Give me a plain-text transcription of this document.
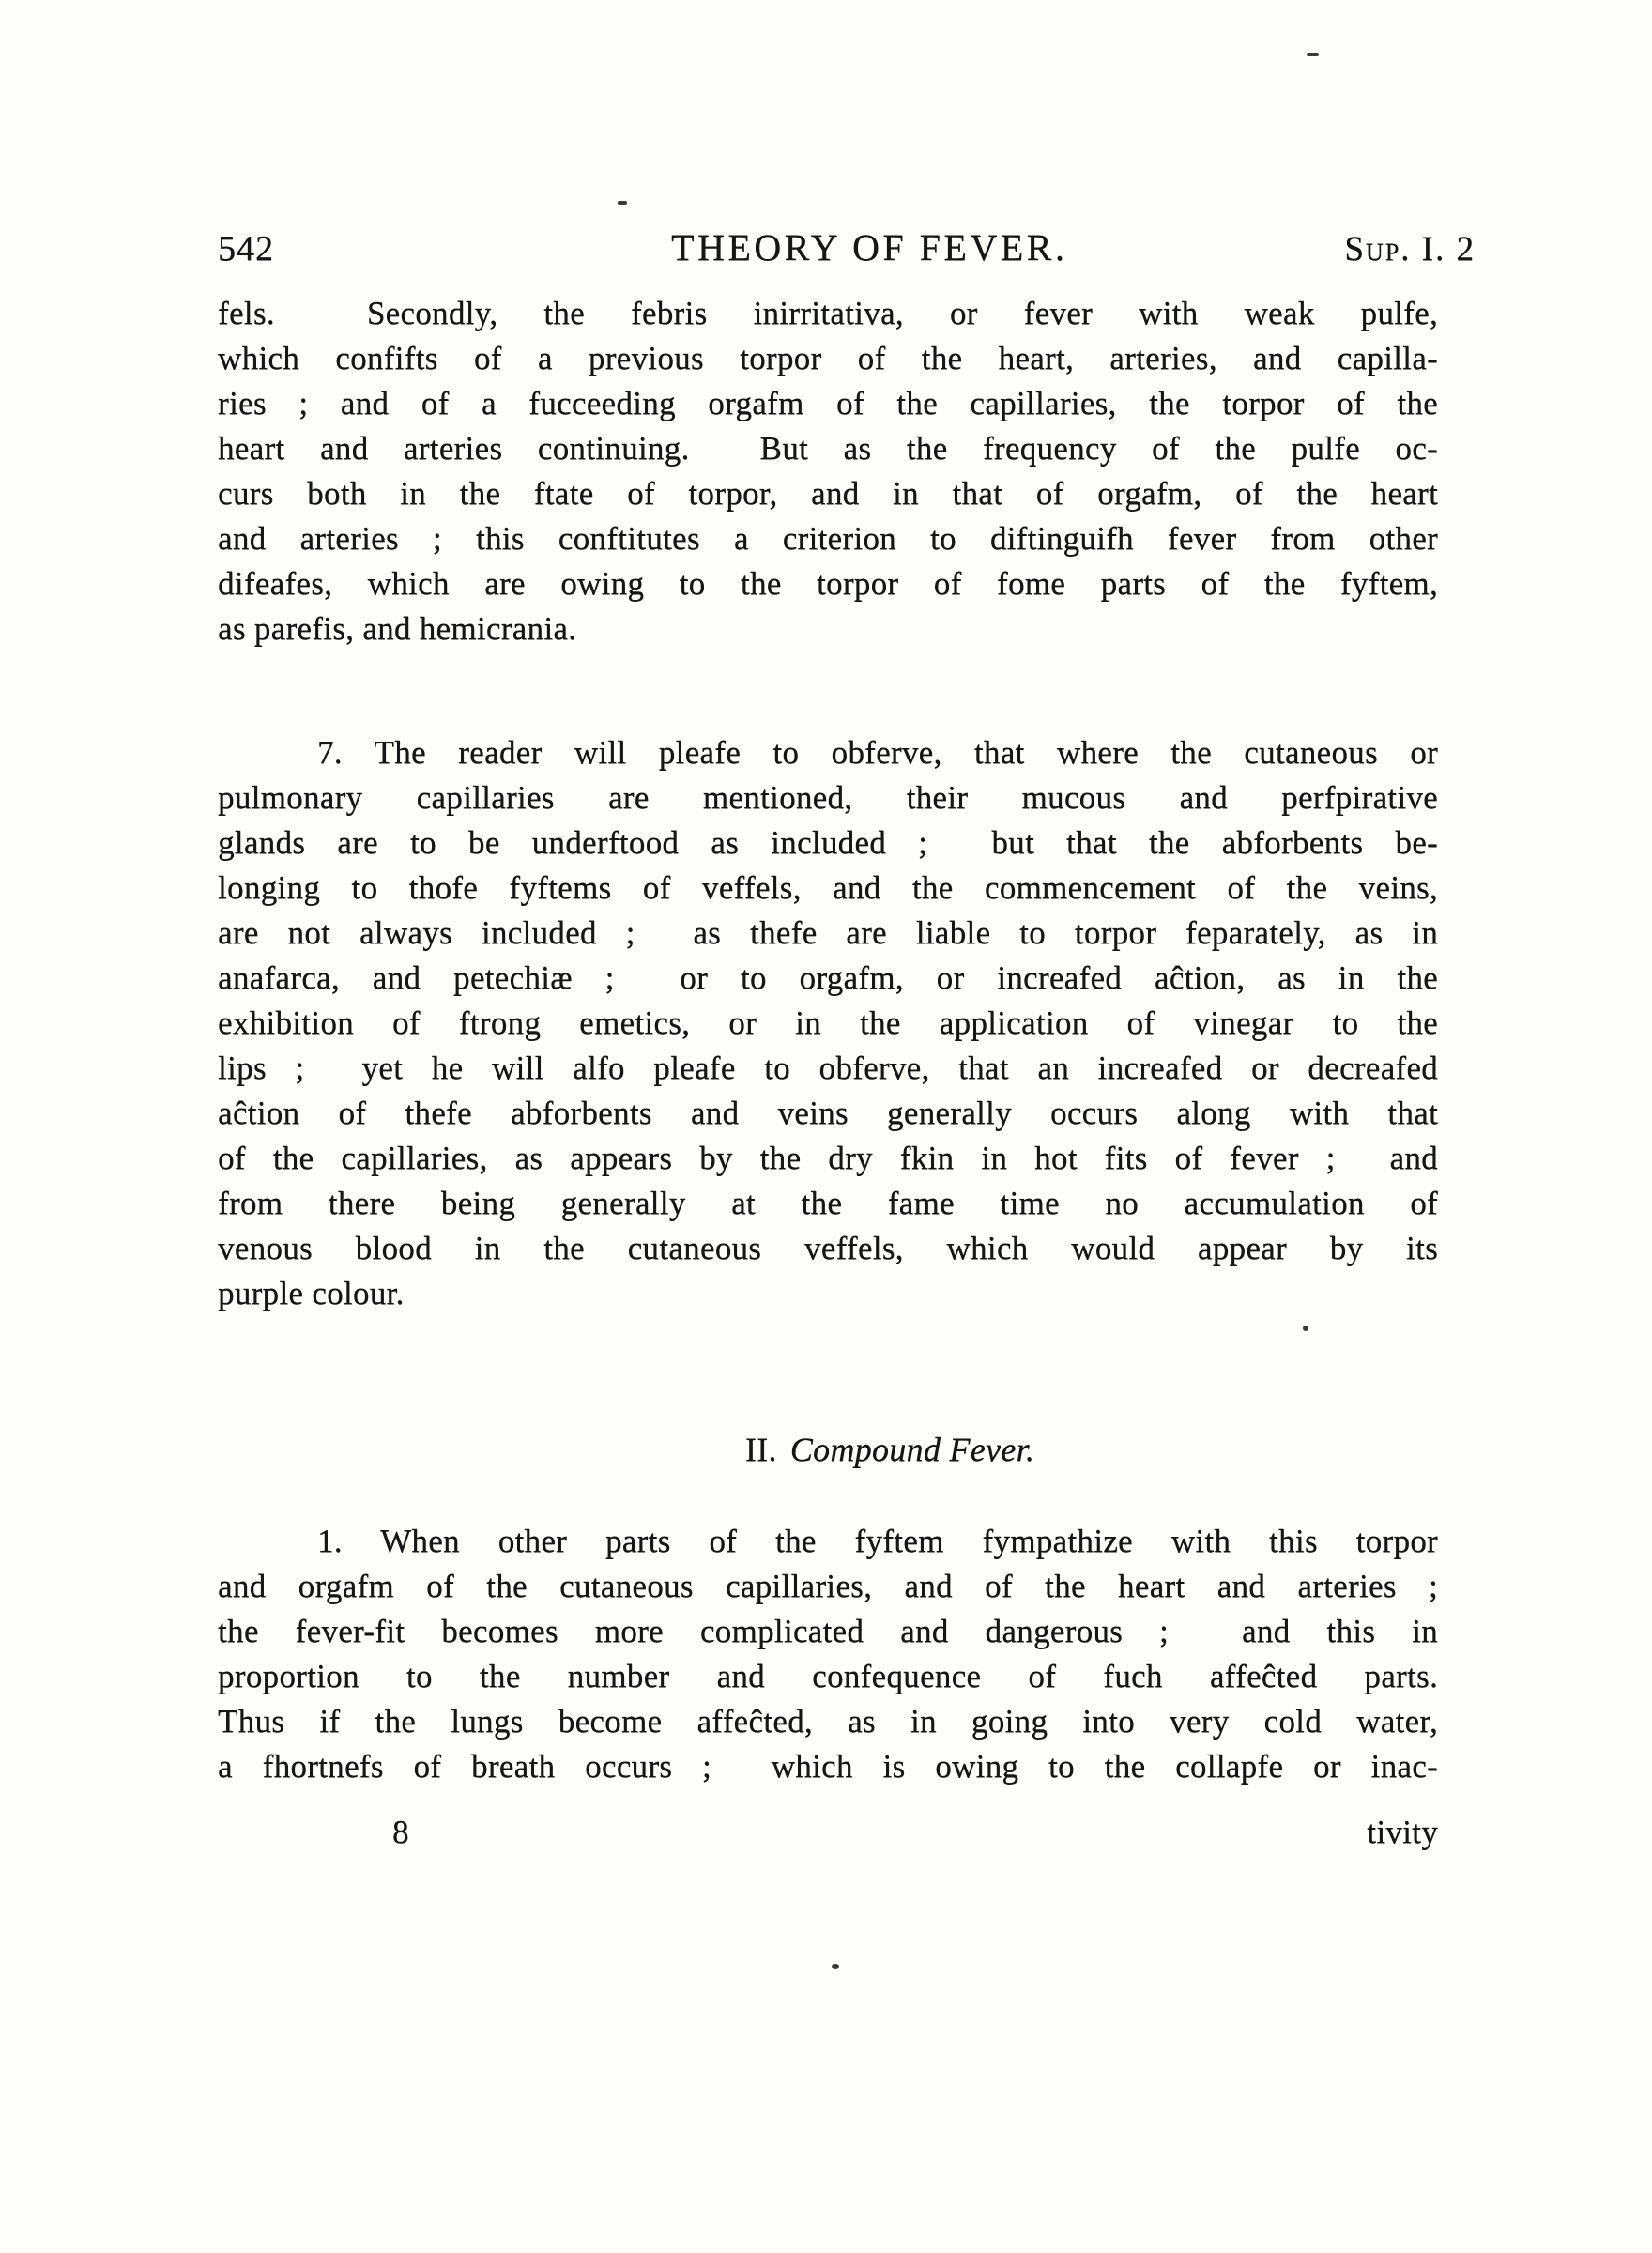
542	THEORY OF FEVER.	Sup. I. 2
fels.  Secondly, the febris inirritativa, or fever with weak pulfe,
which confifts of a previous torpor of the heart, arteries, and capilla-
ries ; and of a fucceeding orgafm of the capillaries, the torpor of the
heart and arteries continuing.  But as the frequency of the pulfe oc-
curs both in the ftate of torpor, and in that of orgafm, of the heart
and arteries ; this conftitutes a criterion to diftinguifh fever from other
difeafes, which are owing to the torpor of fome parts of the fyftem,
as parefis, and hemicrania.
7. The reader will pleafe to obferve, that where the cutaneous or
pulmonary capillaries are mentioned, their mucous and perfpirative
glands are to be underftood as included ;  but that the abforbents be-
longing to thofe fyftems of veffels, and the commencement of the veins,
are not always included ;  as thefe are liable to torpor feparately, as in
anafarca, and petechiæ ;  or to orgafm, or increafed aĉtion, as in the
exhibition of ftrong emetics, or in the application of vinegar to the
lips ;  yet he will alfo pleafe to obferve, that an increafed or decreafed
aĉtion of thefe abforbents and veins generally occurs along with that
of the capillaries, as appears by the dry fkin in hot fits of fever ;  and
from there being generally at the fame time no accumulation of
venous blood in the cutaneous veffels, which would appear by its
purple colour.
II. Compound Fever.
1. When other parts of the fyftem fympathize with this torpor
and orgafm of the cutaneous capillaries, and of the heart and arteries ;
the fever-fit becomes more complicated and dangerous ;  and this in
proportion to the number and confequence of fuch affeĉted parts.
Thus if the lungs become affeĉted, as in going into very cold water,
a fhortnefs of breath occurs ;  which is owing to the collapfe or inac-
8	tivity
